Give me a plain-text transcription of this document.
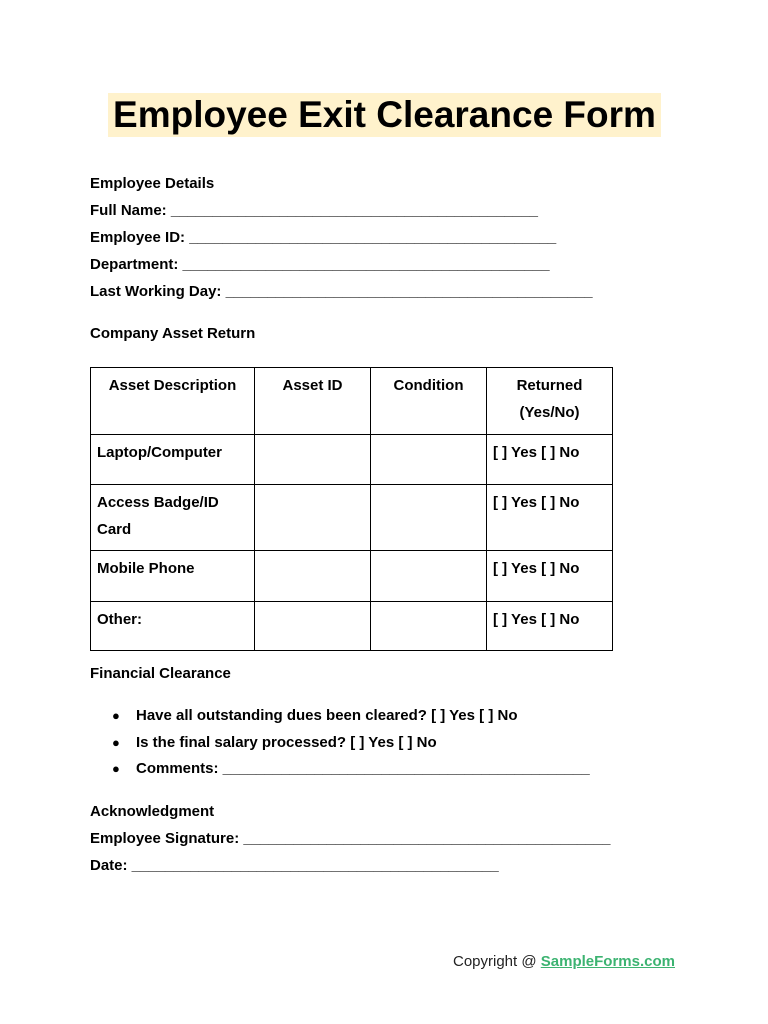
Employee Exit Clearance Form
Employee Details
Full Name: ____________________________________________
Employee ID: ____________________________________________
Department: ____________________________________________
Last Working Day: ____________________________________________
Company Asset Return
Asset Description	Asset ID	Condition	Returned (Yes/No)
Laptop/Computer			[ ] Yes [ ] No
Access Badge/ID Card			[ ] Yes [ ] No
Mobile Phone			[ ] Yes [ ] No
Other:			[ ] Yes [ ] No
Financial Clearance
● Have all outstanding dues been cleared? [ ] Yes [ ] No
● Is the final salary processed? [ ] Yes [ ] No
● Comments: ____________________________________________
Acknowledgment
Employee Signature: ____________________________________________
Date: ____________________________________________
Copyright @ SampleForms.com
